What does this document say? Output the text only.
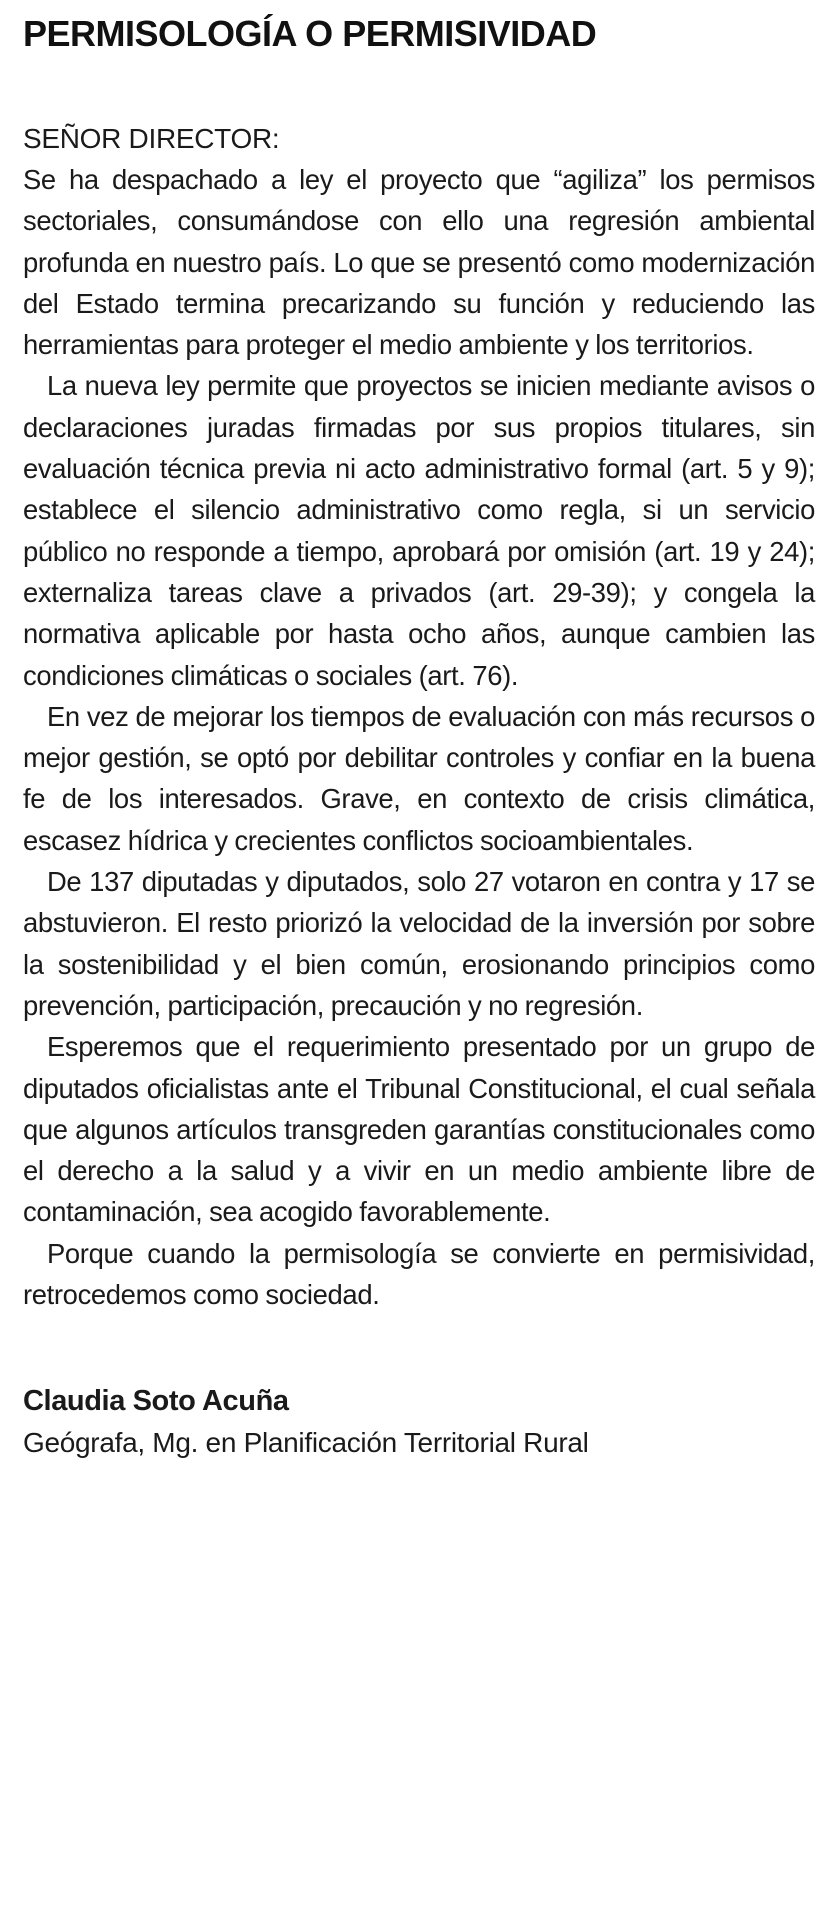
PERMISOLOGÍA O PERMISIVIDAD
SEÑOR DIRECTOR:

Se ha despachado a ley el proyecto que “agiliza” los permisos sectoriales, consumándose con ello una regresión ambiental profunda en nuestro país. Lo que se presentó como modernización del Estado termina precarizando su función y reduciendo las herramientas para proteger el medio ambiente y los territorios.

La nueva ley permite que proyectos se inicien mediante avisos o declaraciones juradas firmadas por sus propios titulares, sin evaluación técnica previa ni acto administrativo formal (art. 5 y 9); establece el silencio administrativo como regla, si un servicio público no responde a tiempo, aprobará por omisión (art. 19 y 24); externaliza tareas clave a privados (art. 29-39); y congela la normativa aplicable por hasta ocho años, aunque cambien las condiciones climáticas o sociales (art. 76).

En vez de mejorar los tiempos de evaluación con más recursos o mejor gestión, se optó por debilitar controles y confiar en la buena fe de los interesados. Grave, en contexto de crisis climática, escasez hídrica y crecientes conflictos socioambientales.

De 137 diputadas y diputados, solo 27 votaron en contra y 17 se abstuvieron. El resto priorizó la velocidad de la inversión por sobre la sostenibilidad y el bien común, erosionando principios como prevención, participación, precaución y no regresión.

Esperemos que el requerimiento presentado por un grupo de diputados oficialistas ante el Tribunal Constitucional, el cual señala que algunos artículos transgreden garantías constitucionales como el derecho a la salud y a vivir en un medio ambiente libre de contaminación, sea acogido favorablemente.

Porque cuando la permisología se convierte en permisividad, retrocedemos como sociedad.

Claudia Soto Acuña

Geógrafa, Mg. en Planificación Territorial Rural
